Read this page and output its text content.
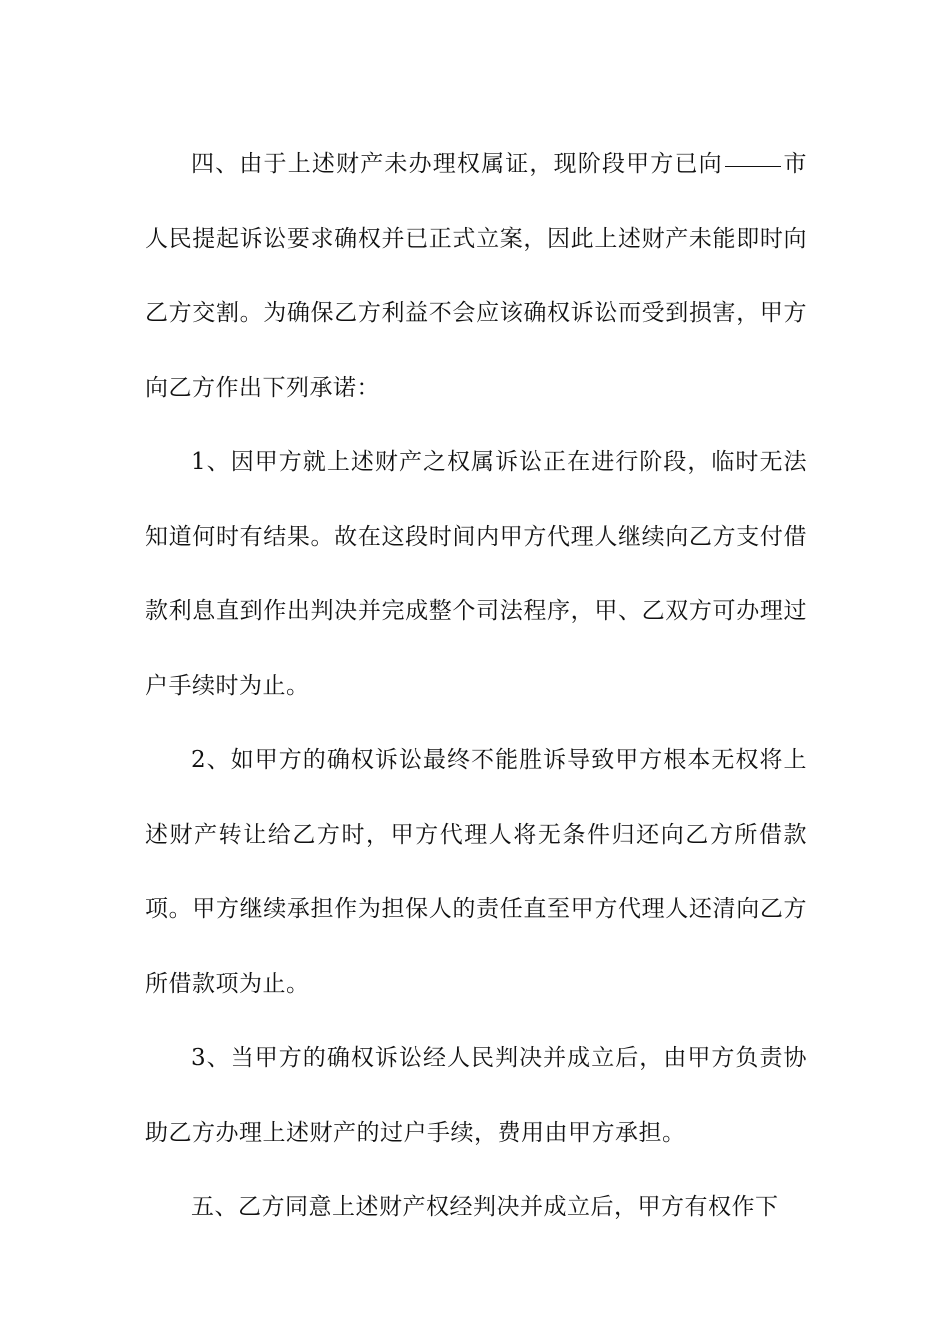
四、由于上述财产未办理权属证，现阶段甲方已向	市人民提起诉讼要求确权并已正式立案，因此上述财产未能即时向乙方交割。为确保乙方利益不会应该确权诉讼而受到损害，甲方向乙方作出下列承诺：

1、因甲方就上述财产之权属诉讼正在进行阶段，临时无法知道何时有结果。故在这段时间内甲方代理人继续向乙方支付借款利息直到作出判决并完成整个司法程序，甲、乙双方可办理过户手续时为止。

2、如甲方的确权诉讼最终不能胜诉导致甲方根本无权将上述财产转让给乙方时，甲方代理人将无条件归还向乙方所借款项。甲方继续承担作为担保人的责任直至甲方代理人还清向乙方所借款项为止。

3、当甲方的确权诉讼经人民判决并成立后，由甲方负责协助乙方办理上述财产的过户手续，费用由甲方承担。

五、乙方同意上述财产权经判决并成立后，甲方有权作下
